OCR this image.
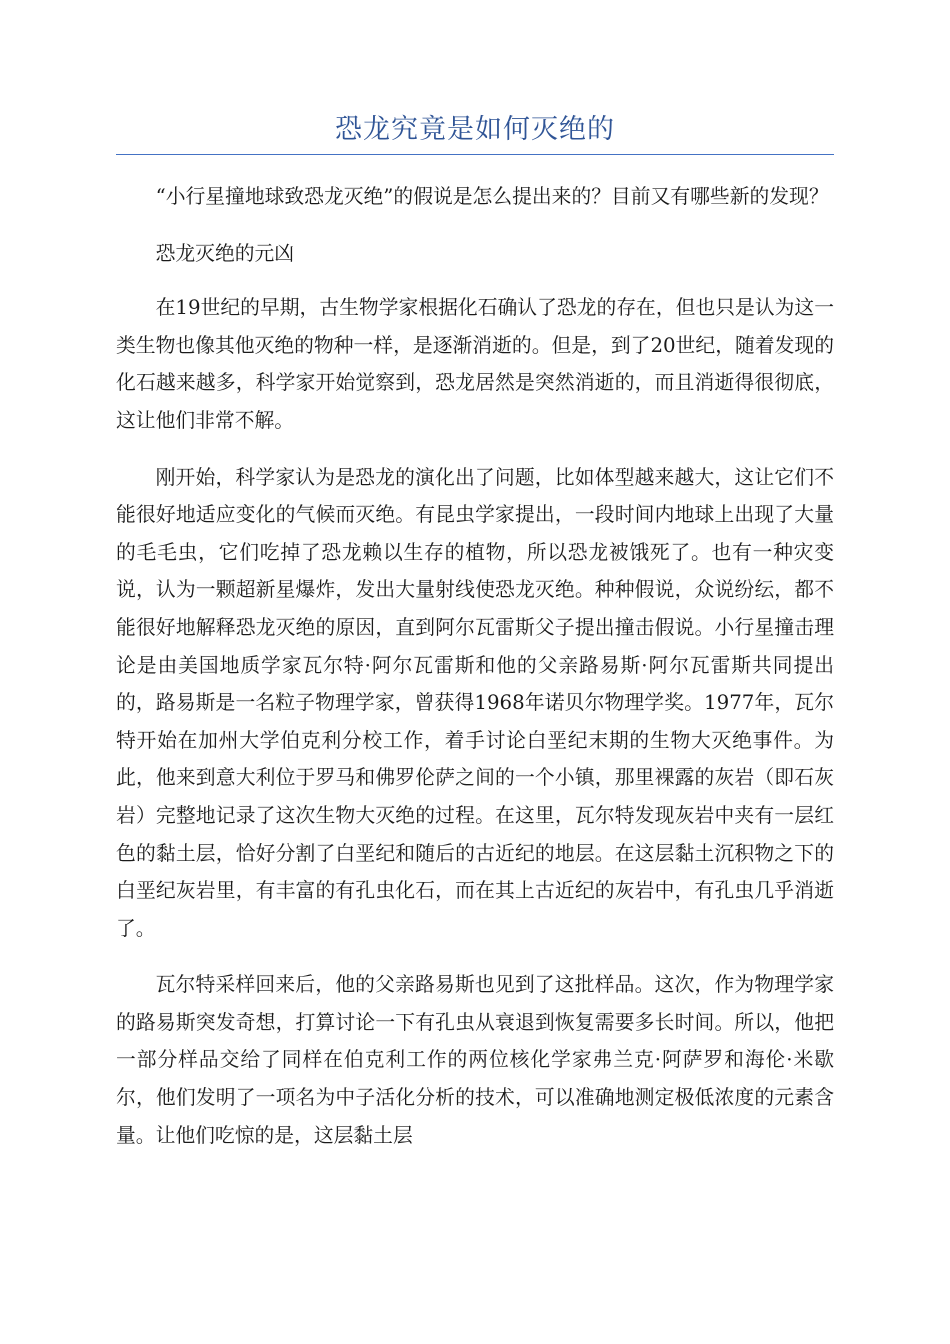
恐龙究竟是如何灭绝的

“小行星撞地球致恐龙灭绝”的假说是怎么提出来的？目前又有哪些新的发现？

恐龙灭绝的元凶

在19世纪的早期，古生物学家根据化石确认了恐龙的存在，但也只是认为这一类生物也像其他灭绝的物种一样，是逐渐消逝的。但是，到了20世纪，随着发现的化石越来越多，科学家开始觉察到，恐龙居然是突然消逝的，而且消逝得很彻底，这让他们非常不解。

刚开始，科学家认为是恐龙的演化出了问题，比如体型越来越大，这让它们不能很好地适应变化的气候而灭绝。有昆虫学家提出，一段时间内地球上出现了大量的毛毛虫，它们吃掉了恐龙赖以生存的植物，所以恐龙被饿死了。也有一种灾变说，认为一颗超新星爆炸，发出大量射线使恐龙灭绝。种种假说，众说纷纭，都不能很好地解释恐龙灭绝的原因，直到阿尔瓦雷斯父子提出撞击假说。小行星撞击理论是由美国地质学家瓦尔特·阿尔瓦雷斯和他的父亲路易斯·阿尔瓦雷斯共同提出的，路易斯是一名粒子物理学家，曾获得1968年诺贝尔物理学奖。1977年，瓦尔特开始在加州大学伯克利分校工作，着手讨论白垩纪末期的生物大灭绝事件。为此，他来到意大利位于罗马和佛罗伦萨之间的一个小镇，那里裸露的灰岩（即石灰岩）完整地记录了这次生物大灭绝的过程。在这里，瓦尔特发现灰岩中夹有一层红色的黏土层，恰好分割了白垩纪和随后的古近纪的地层。在这层黏土沉积物之下的白垩纪灰岩里，有丰富的有孔虫化石，而在其上古近纪的灰岩中，有孔虫几乎消逝了。

瓦尔特采样回来后，他的父亲路易斯也见到了这批样品。这次，作为物理学家的路易斯突发奇想，打算讨论一下有孔虫从衰退到恢复需要多长时间。所以，他把一部分样品交给了同样在伯克利工作的两位核化学家弗兰克·阿萨罗和海伦·米歇尔，他们发明了一项名为中子活化分析的技术，可以准确地测定极低浓度的元素含量。让他们吃惊的是，这层黏土层
